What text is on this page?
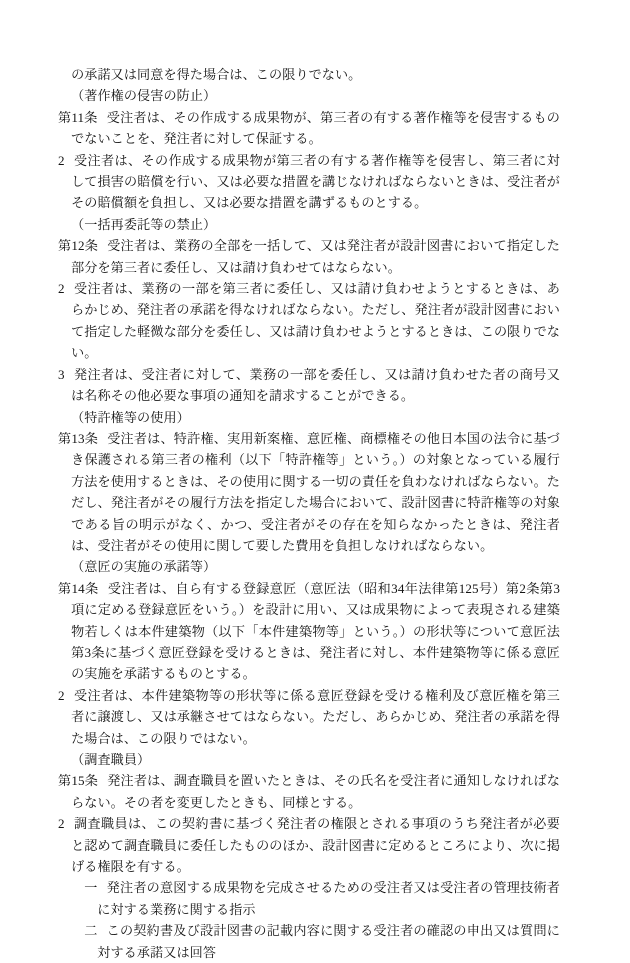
の承諾又は同意を得た場合は、この限りでない。

（著作権の侵害の防止）

第11条 受注者は、その作成する成果物が、第三者の有する著作権等を侵害するものでないことを、発注者に対して保証する。

2 受注者は、その作成する成果物が第三者の有する著作権等を侵害し、第三者に対して損害の賠償を行い、又は必要な措置を講じなければならないときは、受注者がその賠償額を負担し、又は必要な措置を講ずるものとする。

（一括再委託等の禁止）

第12条 受注者は、業務の全部を一括して、又は発注者が設計図書において指定した部分を第三者に委任し、又は請け負わせてはならない。

2 受注者は、業務の一部を第三者に委任し、又は請け負わせようとするときは、あらかじめ、発注者の承諾を得なければならない。ただし、発注者が設計図書において指定した軽微な部分を委任し、又は請け負わせようとするときは、この限りでない。

3 発注者は、受注者に対して、業務の一部を委任し、又は請け負わせた者の商号又は名称その他必要な事項の通知を請求することができる。

（特許権等の使用）

第13条 受注者は、特許権、実用新案権、意匠権、商標権その他日本国の法令に基づき保護される第三者の権利（以下「特許権等」という。）の対象となっている履行方法を使用するときは、その使用に関する一切の責任を負わなければならない。ただし、発注者がその履行方法を指定した場合において、設計図書に特許権等の対象である旨の明示がなく、かつ、受注者がその存在を知らなかったときは、発注者は、受注者がその使用に関して要した費用を負担しなければならない。

（意匠の実施の承諾等）

第14条 受注者は、自ら有する登録意匠（意匠法（昭和34年法律第125号）第2条第3項に定める登録意匠をいう。）を設計に用い、又は成果物によって表現される建築物若しくは本件建築物（以下「本件建築物等」という。）の形状等について意匠法第3条に基づく意匠登録を受けるときは、発注者に対し、本件建築物等に係る意匠の実施を承諾するものとする。

2 受注者は、本件建築物等の形状等に係る意匠登録を受ける権利及び意匠権を第三者に譲渡し、又は承継させてはならない。ただし、あらかじめ、発注者の承諾を得た場合は、この限りではない。

（調査職員）

第15条 発注者は、調査職員を置いたときは、その氏名を受注者に通知しなければならない。その者を変更したときも、同様とする。

2 調査職員は、この契約書に基づく発注者の権限とされる事項のうち発注者が必要と認めて調査職員に委任したもののほか、設計図書に定めるところにより、次に掲げる権限を有する。

一 発注者の意図する成果物を完成させるための受注者又は受注者の管理技術者に対する業務に関する指示

二 この契約書及び設計図書の記載内容に関する受注者の確認の申出又は質問に対する承諾又は回答
